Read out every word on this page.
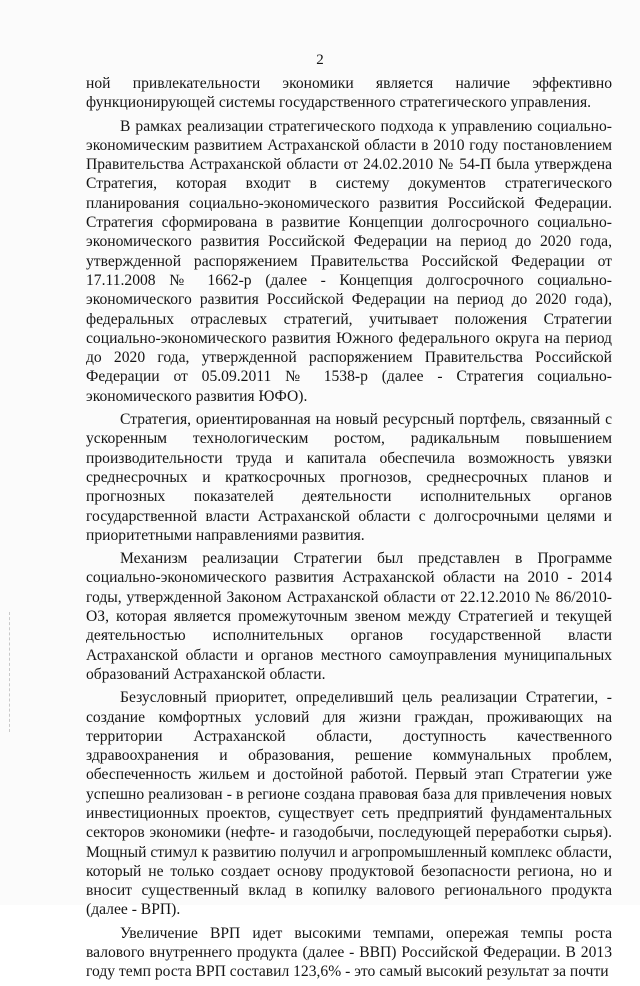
2

ной привлекательности экономики является наличие эффективно функционирующей системы государственного стратегического управления.

В рамках реализации стратегического подхода к управлению социально-экономическим развитием Астраханской области в 2010 году постановлением Правительства Астраханской области от 24.02.2010 № 54-П была утверждена Стратегия, которая входит в систему документов стратегического планирования социально-экономического развития Российской Федерации. Стратегия сформирована в развитие Концепции долгосрочного социально-экономического развития Российской Федерации на период до 2020 года, утвержденной распоряжением Правительства Российской Федерации от 17.11.2008 № 1662-р (далее - Концепция долгосрочного социально-экономического развития Российской Федерации на период до 2020 года), федеральных отраслевых стратегий, учитывает положения Стратегии социально-экономического развития Южного федерального округа на период до 2020 года, утвержденной распоряжением Правительства Российской Федерации от 05.09.2011 № 1538-р (далее - Стратегия социально-экономического развития ЮФО).

Стратегия, ориентированная на новый ресурсный портфель, связанный с ускоренным технологическим ростом, радикальным повышением производительности труда и капитала обеспечила возможность увязки среднесрочных и краткосрочных прогнозов, среднесрочных планов и прогнозных показателей деятельности исполнительных органов государственной власти Астраханской области с долгосрочными целями и приоритетными направлениями развития.

Механизм реализации Стратегии был представлен в Программе социально-экономического развития Астраханской области на 2010 - 2014 годы, утвержденной Законом Астраханской области от 22.12.2010 № 86/2010-ОЗ, которая является промежуточным звеном между Стратегией и текущей деятельностью исполнительных органов государственной власти Астраханской области и органов местного самоуправления муниципальных образований Астраханской области.

Безусловный приоритет, определивший цель реализации Стратегии, - создание комфортных условий для жизни граждан, проживающих на территории Астраханской области, доступность качественного здравоохранения и образования, решение коммунальных проблем, обеспеченность жильем и достойной работой. Первый этап Стратегии уже успешно реализован - в регионе создана правовая база для привлечения новых инвестиционных проектов, существует сеть предприятий фундаментальных секторов экономики (нефте- и газодобычи, последующей переработки сырья). Мощный стимул к развитию получил и агропромышленный комплекс области, который не только создает основу продуктовой безопасности региона, но и вносит существенный вклад в копилку валового регионального продукта (далее - ВРП).

Увеличение ВРП идет высокими темпами, опережая темпы роста валового внутреннего продукта (далее - ВВП) Российской Федерации. В 2013 году темп роста ВРП составил 123,6% - это самый высокий результат за почти
